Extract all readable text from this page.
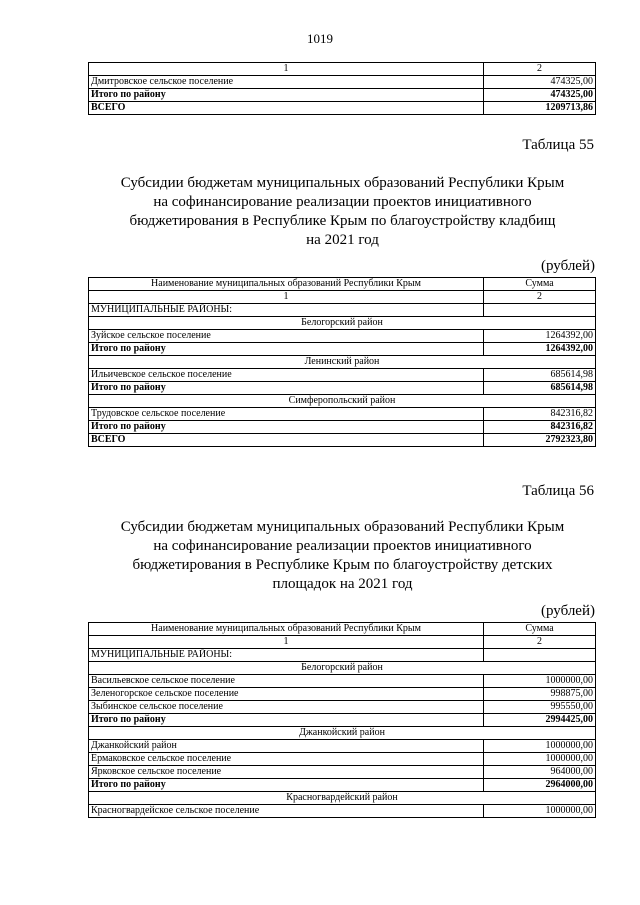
1019
1	2
Дмитровское сельское поселение	474325,00
Итого по району	474325,00
ВСЕГО	1209713,86
Таблица 55
Субсидии бюджетам муниципальных образований Республики Крым
на софинансирование реализации проектов инициативного
бюджетирования в Республике Крым по благоустройству кладбищ
на 2021 год
(рублей)
Наименование муниципальных образований Республики Крым	Сумма
1	2
МУНИЦИПАЛЬНЫЕ РАЙОНЫ:	
Белогорский район	
Зуйское сельское поселение	1264392,00
Итого по району	1264392,00
Ленинский район	
Ильичевское сельское поселение	685614,98
Итого по району	685614,98
Симферопольский район	
Трудовское сельское поселение	842316,82
Итого по району	842316,82
ВСЕГО	2792323,80
Таблица 56
Субсидии бюджетам муниципальных образований Республики Крым
на софинансирование реализации проектов инициативного
бюджетирования в Республике Крым по благоустройству детских
площадок на 2021 год
(рублей)
Наименование муниципальных образований Республики Крым	Сумма
1	2
МУНИЦИПАЛЬНЫЕ РАЙОНЫ:	
Белогорский район	
Васильевское сельское поселение	1000000,00
Зеленогорское сельское поселение	998875,00
Зыбинское сельское поселение	995550,00
Итого по району	2994425,00
Джанкойский район	
Джанкойский район	1000000,00
Ермаковское сельское поселение	1000000,00
Ярковское сельское поселение	964000,00
Итого по району	2964000,00
Красногвардейский район	
Красногвардейское сельское поселение	1000000,00
